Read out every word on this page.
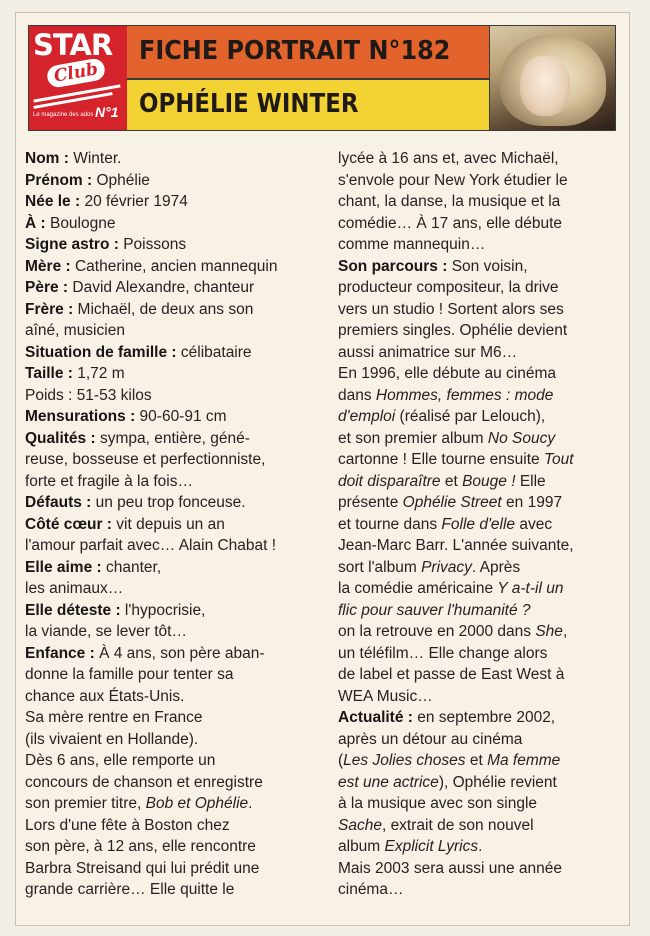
STAR
Club
Le magazine des ados N°1
FICHE PORTRAIT N°182
OPHÉLIE WINTER
Nom : Winter.
Prénom : Ophélie
Née le : 20 février 1974
À : Boulogne
Signe astro : Poissons
Mère : Catherine, ancien mannequin
Père : David Alexandre, chanteur
Frère : Michaël, de deux ans son
aîné, musicien
Situation de famille : célibataire
Taille : 1,72 m
Poids : 51-53 kilos
Mensurations : 90-60-91 cm
Qualités : sympa, entière, géné-
reuse, bosseuse et perfectionniste,
forte et fragile à la fois…
Défauts : un peu trop fonceuse.
Côté cœur : vit depuis un an
l'amour parfait avec… Alain Chabat !
Elle aime : chanter,
les animaux…
Elle déteste : l'hypocrisie,
la viande, se lever tôt…
Enfance : À 4 ans, son père aban-
donne la famille pour tenter sa
chance aux États-Unis.
Sa mère rentre en France
(ils vivaient en Hollande).
Dès 6 ans, elle remporte un
concours de chanson et enregistre
son premier titre, Bob et Ophélie.
Lors d'une fête à Boston chez
son père, à 12 ans, elle rencontre
Barbra Streisand qui lui prédit une
grande carrière… Elle quitte le
lycée à 16 ans et, avec Michaël,
s'envole pour New York étudier le
chant, la danse, la musique et la
comédie… À 17 ans, elle débute
comme mannequin…
Son parcours : Son voisin,
producteur compositeur, la drive
vers un studio ! Sortent alors ses
premiers singles. Ophélie devient
aussi animatrice sur M6…
En 1996, elle débute au cinéma
dans Hommes, femmes : mode
d'emploi (réalisé par Lelouch),
et son premier album No Soucy
cartonne ! Elle tourne ensuite Tout
doit disparaître et Bouge ! Elle
présente Ophélie Street en 1997
et tourne dans Folle d'elle avec
Jean-Marc Barr. L'année suivante,
sort l'album Privacy. Après
la comédie américaine Y a-t-il un
flic pour sauver l'humanité ?
on la retrouve en 2000 dans She,
un téléfilm… Elle change alors
de label et passe de East West à
WEA Music…
Actualité : en septembre 2002,
après un détour au cinéma
(Les Jolies choses et Ma femme
est une actrice), Ophélie revient
à la musique avec son single
Sache, extrait de son nouvel
album Explicit Lyrics.
Mais 2003 sera aussi une année
cinéma…
